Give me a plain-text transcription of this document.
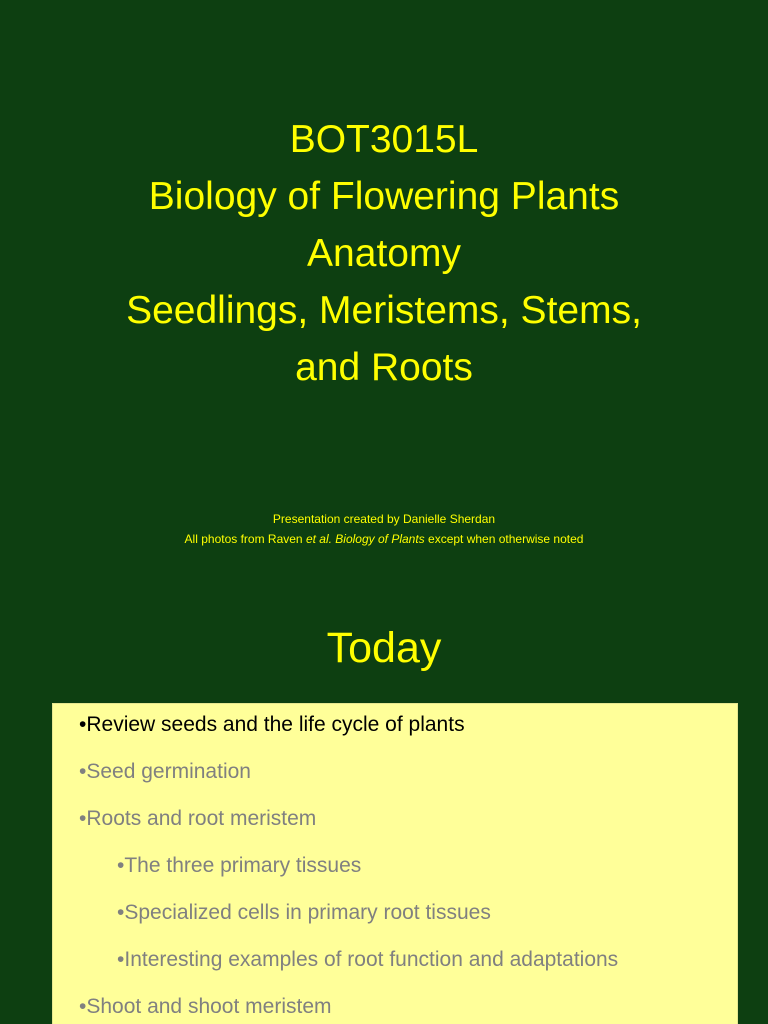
BOT3015L
Biology of Flowering Plants
Anatomy
Seedlings, Meristems, Stems,
and Roots
Presentation created by Danielle Sherdan
All photos from Raven et al. Biology of Plants except when otherwise noted
Today
•Review seeds and the life cycle of plants
•Seed germination
•Roots and root meristem
•The three primary tissues
•Specialized cells in primary root tissues
•Interesting examples of root function and adaptations
•Shoot and shoot meristem
